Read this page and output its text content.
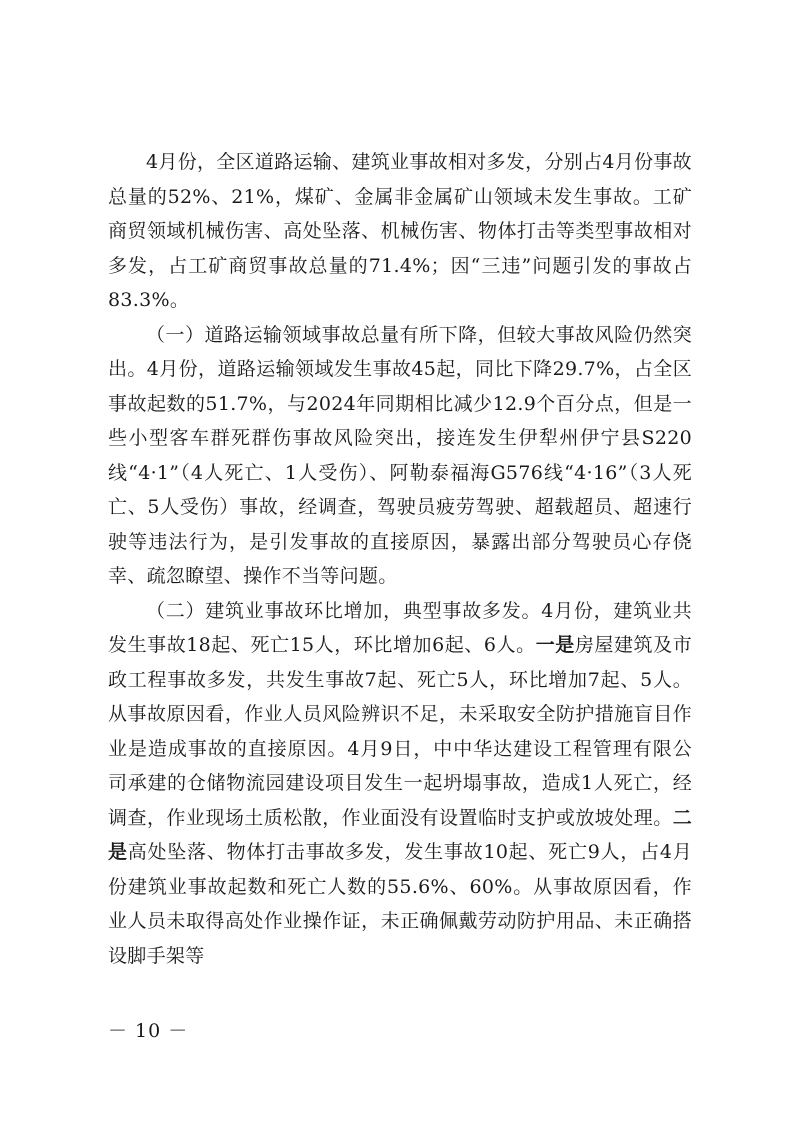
4月份，全区道路运输、建筑业事故相对多发，分别占4月份事故总量的52%、21%，煤矿、金属非金属矿山领域未发生事故。工矿商贸领域机械伤害、高处坠落、机械伤害、物体打击等类型事故相对多发，占工矿商贸事故总量的71.4%；因“三违”问题引发的事故占83.3%。

（一）道路运输领域事故总量有所下降，但较大事故风险仍然突出。4月份，道路运输领域发生事故45起，同比下降29.7%，占全区事故起数的51.7%，与2024年同期相比减少12.9个百分点，但是一些小型客车群死群伤事故风险突出，接连发生伊犁州伊宁县S220线“4·1”（4人死亡、1人受伤）、阿勒泰福海G576线“4·16”（3人死亡、5人受伤）事故，经调查，驾驶员疲劳驾驶、超载超员、超速行驶等违法行为，是引发事故的直接原因，暴露出部分驾驶员心存侥幸、疏忽瞭望、操作不当等问题。

（二）建筑业事故环比增加，典型事故多发。4月份，建筑业共发生事故18起、死亡15人，环比增加6起、6人。一是房屋建筑及市政工程事故多发，共发生事故7起、死亡5人，环比增加7起、5人。从事故原因看，作业人员风险辨识不足，未采取安全防护措施盲目作业是造成事故的直接原因。4月9日，中中华达建设工程管理有限公司承建的仓储物流园建设项目发生一起坍塌事故，造成1人死亡，经调查，作业现场土质松散，作业面没有设置临时支护或放坡处理。二是高处坠落、物体打击事故多发，发生事故10起、死亡9人，占4月份建筑业事故起数和死亡人数的55.6%、60%。从事故原因看，作业人员未取得高处作业操作证，未正确佩戴劳动防护用品、未正确搭设脚手架等

－ 10 －
